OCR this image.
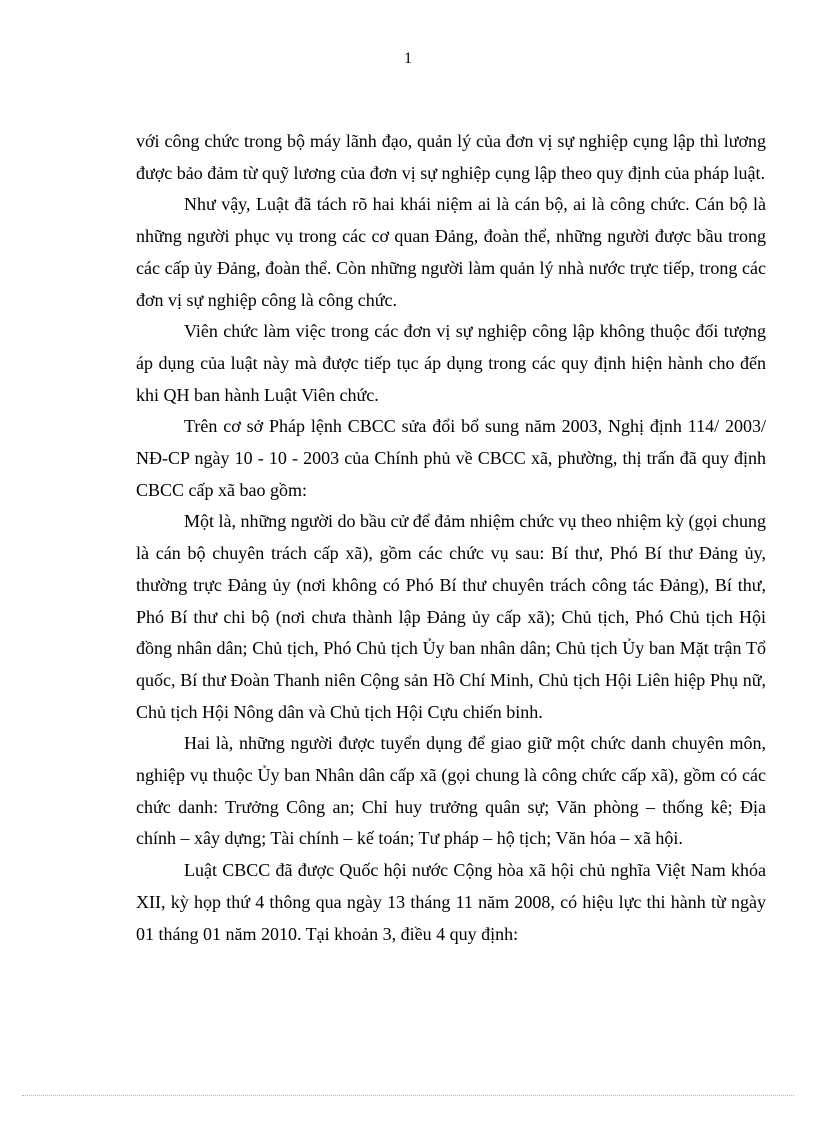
1

với công chức trong bộ máy lãnh đạo, quản lý của đơn vị sự nghiệp cụng lập thì lương được bảo đảm từ quỹ lương của đơn vị sự nghiệp cụng lập theo quy định của pháp luật.

Như vậy, Luật đã tách rõ hai khái niệm ai là cán bộ, ai là công chức. Cán bộ là những người phục vụ trong các cơ quan Đảng, đoàn thể, những người được bầu trong các cấp ủy Đảng, đoàn thể. Còn những người làm quản lý nhà nước trực tiếp, trong các đơn vị sự nghiệp công là công chức.

Viên chức làm việc trong các đơn vị sự nghiệp công lập không thuộc đối tượng áp dụng của luật này mà được tiếp tục áp dụng trong các quy định hiện hành cho đến khi QH ban hành Luật Viên chức.

Trên cơ sở Pháp lệnh CBCC sửa đổi bổ sung năm 2003, Nghị định 114/ 2003/ NĐ-CP ngày 10 - 10 - 2003 của Chính phủ về CBCC xã, phường, thị trấn đã quy định CBCC cấp xã bao gồm:

Một là, những người do bầu cử để đảm nhiệm chức vụ theo nhiệm kỳ (gọi chung là cán bộ chuyên trách cấp xã), gồm các chức vụ sau: Bí thư, Phó Bí thư Đảng ủy, thường trực Đảng ủy (nơi không có Phó Bí thư chuyên trách công tác Đảng), Bí thư, Phó Bí thư chi bộ (nơi chưa thành lập Đảng ủy cấp xã); Chủ tịch, Phó Chủ tịch Hội đồng nhân dân; Chủ tịch, Phó Chủ tịch Ủy ban nhân dân; Chủ tịch Ủy ban Mặt trận Tổ quốc, Bí thư Đoàn Thanh niên Cộng sản Hồ Chí Minh, Chủ tịch Hội Liên hiệp Phụ nữ, Chủ tịch Hội Nông dân và Chủ tịch Hội Cựu chiến binh.

Hai là, những người được tuyển dụng để giao giữ một chức danh chuyên môn, nghiệp vụ thuộc Ủy ban Nhân dân cấp xã (gọi chung là công chức cấp xã), gồm có các chức danh: Trưởng Công an; Chỉ huy trưởng quân sự; Văn phòng – thống kê; Địa chính – xây dựng; Tài chính – kế toán; Tư pháp – hộ tịch; Văn hóa – xã hội.

Luật CBCC đã được Quốc hội nước Cộng hòa xã hội chủ nghĩa Việt Nam khóa XII, kỳ họp thứ 4 thông qua ngày 13 tháng 11 năm 2008, có hiệu lực thi hành từ ngày 01 tháng 01 năm 2010. Tại khoản 3, điều 4 quy định:
